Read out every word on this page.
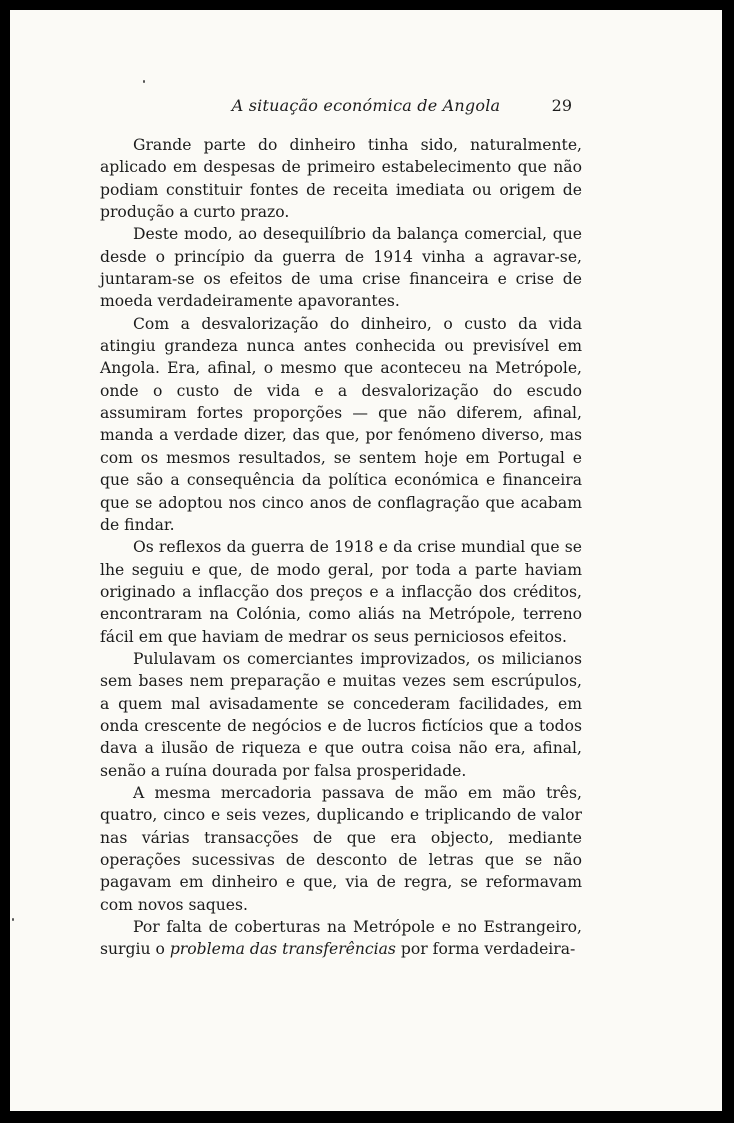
A situação económica de Angola	29

Grande parte do dinheiro tinha sido, naturalmente, aplicado em despesas de primeiro estabelecimento que não podiam constituir fontes de receita imediata ou origem de produção a curto prazo.

Deste modo, ao desequilíbrio da balança comercial, que desde o princípio da guerra de 1914 vinha a agravar-se, juntaram-se os efeitos de uma crise financeira e crise de moeda verdadeiramente apavorantes.

Com a desvalorização do dinheiro, o custo da vida atingiu grandeza nunca antes conhecida ou previsível em Angola. Era, afinal, o mesmo que aconteceu na Metrópole, onde o custo de vida e a desvalorização do escudo assumiram fortes proporções — que não diferem, afinal, manda a verdade dizer, das que, por fenómeno diverso, mas com os mesmos resultados, se sentem hoje em Portugal e que são a consequência da política económica e financeira que se adoptou nos cinco anos de conflagração que acabam de findar.

Os reflexos da guerra de 1918 e da crise mundial que se lhe seguiu e que, de modo geral, por toda a parte haviam originado a inflacção dos preços e a inflacção dos créditos, encontraram na Colónia, como aliás na Metrópole, terreno fácil em que haviam de medrar os seus perniciosos efeitos.

Pululavam os comerciantes improvizados, os milicianos sem bases nem preparação e muitas vezes sem escrúpulos, a quem mal avisadamente se concederam facilidades, em onda crescente de negócios e de lucros fictícios que a todos dava a ilusão de riqueza e que outra coisa não era, afinal, senão a ruína dourada por falsa prosperidade.

A mesma mercadoria passava de mão em mão três, quatro, cinco e seis vezes, duplicando e triplicando de valor nas várias transacções de que era objecto, mediante operações sucessivas de desconto de letras que se não pagavam em dinheiro e que, via de regra, se reformavam com novos saques.

Por falta de coberturas na Metrópole e no Estrangeiro, surgiu o problema das transferências por forma verdadeira-
